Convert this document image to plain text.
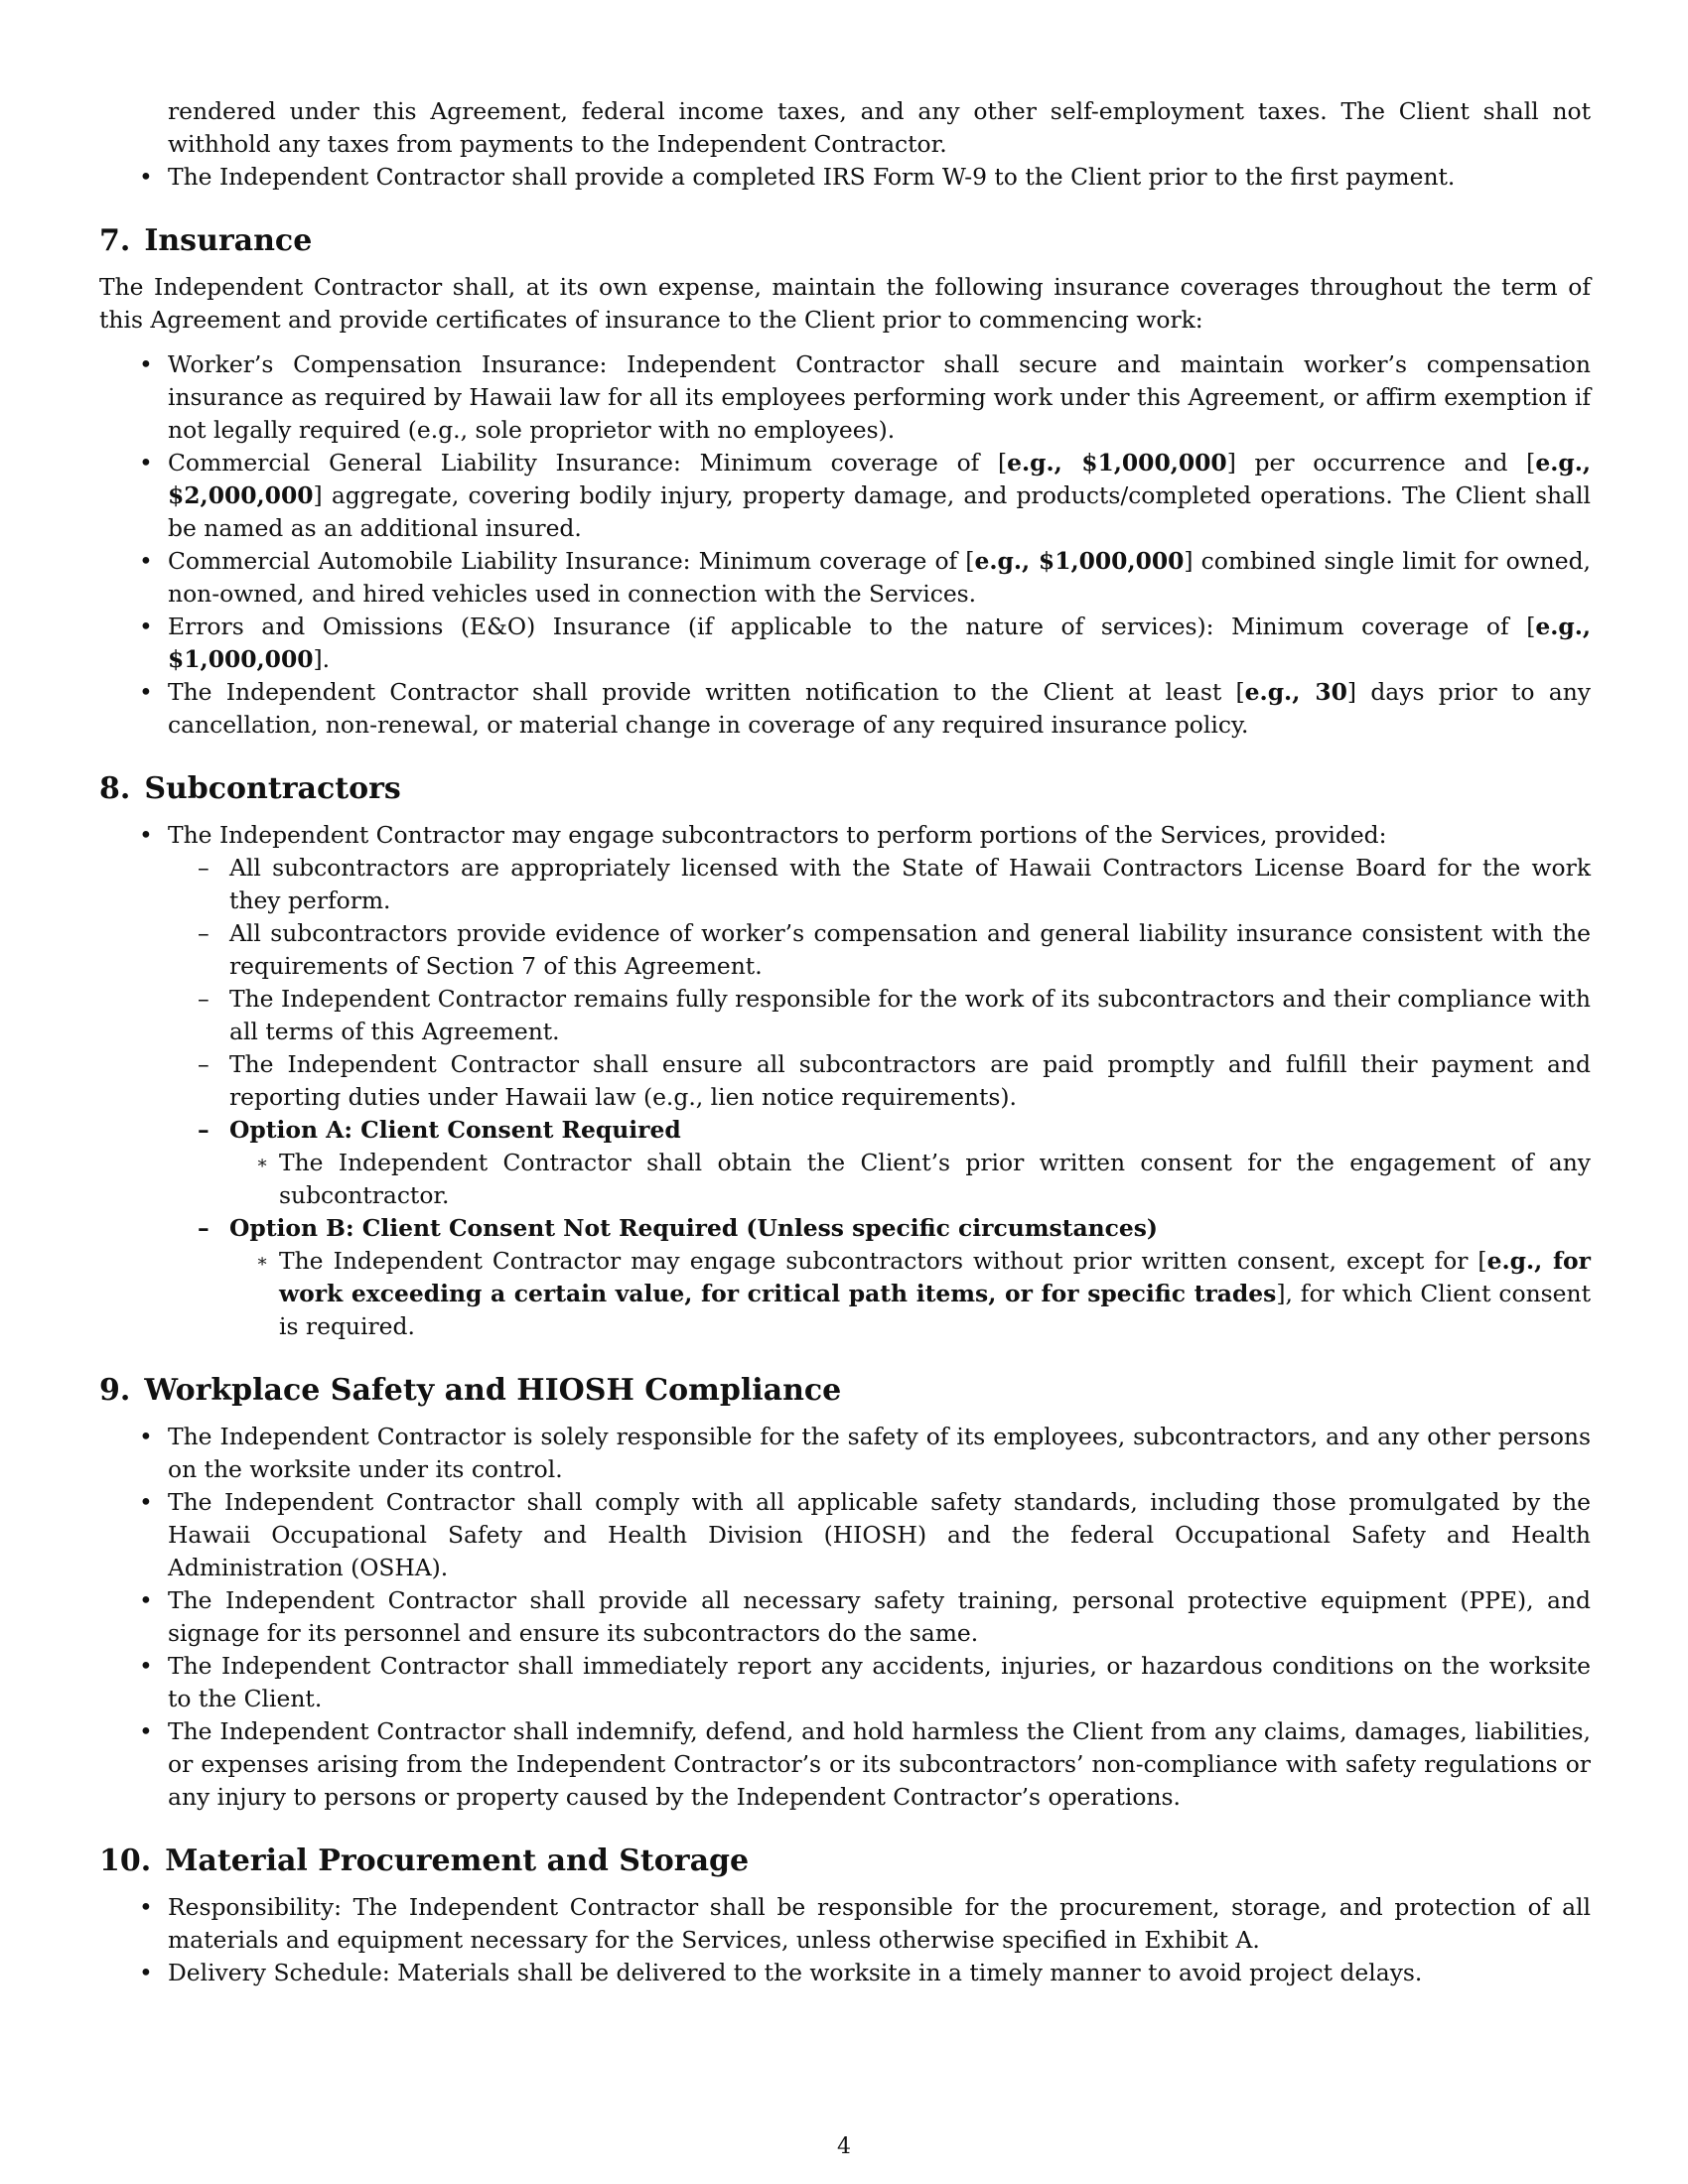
rendered under this Agreement, federal income taxes, and any other self-employment taxes. The Client shall not withhold any taxes from payments to the Independent Contractor.

• The Independent Contractor shall provide a completed IRS Form W-9 to the Client prior to the first payment.
7. Insurance

The Independent Contractor shall, at its own expense, maintain the following insurance coverages throughout the term of this Agreement and provide certificates of insurance to the Client prior to commencing work:

• Worker’s Compensation Insurance: Independent Contractor shall secure and maintain worker’s compensation insurance as required by Hawaii law for all its employees performing work under this Agreement, or affirm exemption if not legally required (e.g., sole proprietor with no employees).
• Commercial General Liability Insurance: Minimum coverage of [e.g., $1,000,000] per occurrence and [e.g., $2,000,000] aggregate, covering bodily injury, property damage, and products/completed operations. The Client shall be named as an additional insured.
• Commercial Automobile Liability Insurance: Minimum coverage of [e.g., $1,000,000] combined single limit for owned, non-owned, and hired vehicles used in connection with the Services.
• Errors and Omissions (E&O) Insurance (if applicable to the nature of services): Minimum coverage of [e.g., $1,000,000].
• The Independent Contractor shall provide written notification to the Client at least [e.g., 30] days prior to any cancellation, non-renewal, or material change in coverage of any required insurance policy.
8. Subcontractors
• The Independent Contractor may engage subcontractors to perform portions of the Services, provided:
– All subcontractors are appropriately licensed with the State of Hawaii Contractors License Board for the work they perform.
– All subcontractors provide evidence of worker’s compensation and general liability insurance consistent with the requirements of Section 7 of this Agreement.
– The Independent Contractor remains fully responsible for the work of its subcontractors and their compliance with all terms of this Agreement.
– The Independent Contractor shall ensure all subcontractors are paid promptly and fulfill their payment and reporting duties under Hawaii law (e.g., lien notice requirements).
– Option A: Client Consent Required
∗ The Independent Contractor shall obtain the Client’s prior written consent for the engagement of any subcontractor.
– Option B: Client Consent Not Required (Unless specific circumstances)
∗ The Independent Contractor may engage subcontractors without prior written consent, except for [e.g., for work exceeding a certain value, for critical path items, or for specific trades], for which Client consent is required.
9. Workplace Safety and HIOSH Compliance
• The Independent Contractor is solely responsible for the safety of its employees, subcontractors, and any other persons on the worksite under its control.
• The Independent Contractor shall comply with all applicable safety standards, including those promulgated by the Hawaii Occupational Safety and Health Division (HIOSH) and the federal Occupational Safety and Health Administration (OSHA).
• The Independent Contractor shall provide all necessary safety training, personal protective equipment (PPE), and signage for its personnel and ensure its subcontractors do the same.
• The Independent Contractor shall immediately report any accidents, injuries, or hazardous conditions on the worksite to the Client.
• The Independent Contractor shall indemnify, defend, and hold harmless the Client from any claims, damages, liabilities, or expenses arising from the Independent Contractor’s or its subcontractors’ non-compliance with safety regulations or any injury to persons or property caused by the Independent Contractor’s operations.
10. Material Procurement and Storage
• Responsibility: The Independent Contractor shall be responsible for the procurement, storage, and protection of all materials and equipment necessary for the Services, unless otherwise specified in Exhibit A.
• Delivery Schedule: Materials shall be delivered to the worksite in a timely manner to avoid project delays.
4
